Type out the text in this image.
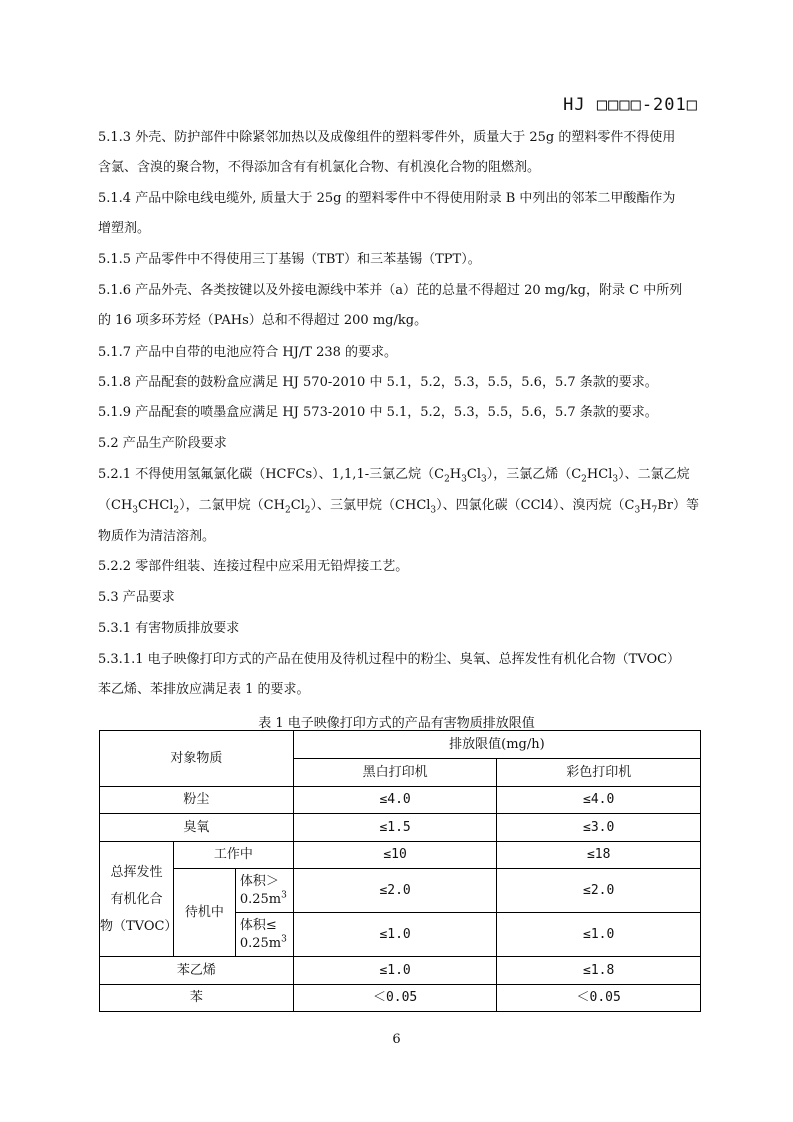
HJ □□□□-201□
5.1.3 外壳、防护部件中除紧邻加热以及成像组件的塑料零件外，质量大于 25g 的塑料零件不得使用
含氯、含溴的聚合物，不得添加含有有机氯化合物、有机溴化合物的阻燃剂。
5.1.4 产品中除电线电缆外, 质量大于 25g 的塑料零件中不得使用附录 B 中列出的邻苯二甲酸酯作为
增塑剂。
5.1.5 产品零件中不得使用三丁基锡（TBT）和三苯基锡（TPT）。
5.1.6 产品外壳、各类按键以及外接电源线中苯并（a）芘的总量不得超过 20 mg/kg，附录 C 中所列
的 16 项多环芳烃（PAHs）总和不得超过 200 mg/kg。
5.1.7 产品中自带的电池应符合 HJ/T 238 的要求。
5.1.8 产品配套的鼓粉盒应满足 HJ 570-2010 中 5.1，5.2，5.3，5.5，5.6，5.7 条款的要求。
5.1.9 产品配套的喷墨盒应满足 HJ 573-2010 中 5.1，5.2，5.3，5.5，5.6，5.7 条款的要求。
5.2 产品生产阶段要求
5.2.1 不得使用氢氟氯化碳（HCFCs）、1,1,1-三氯乙烷$(C_2H_3Cl_3)$，三氯乙烯$(C_2HCl_3)$、二氯乙烷
$(CH_3CHCl_2)$，二氯甲烷$(CH_2Cl_2)$、三氯甲烷（CHCl$_3$）、四氯化碳（CCl4）、溴丙烷$(C_3H_7Br)$等
物质作为清洁溶剂。
5.2.2 零部件组装、连接过程中应采用无铅焊接工艺。
5.3 产品要求
5.3.1 有害物质排放要求
5.3.1.1 电子映像打印方式的产品在使用及待机过程中的粉尘、臭氧、总挥发性有机化合物（TVOC）
苯乙烯、苯排放应满足表 1 的要求。
表 1 电子映像打印方式的产品有害物质排放限值
对象物质			排放限值(mg/h)	
			黑白打印机	彩色打印机
粉尘			≤4.0	≤4.0
臭氧			≤1.5	≤3.0

总挥发性
有机化合
物（TVOC）	工作中		≤10	≤18
	待机中	体积＞
$0.25m^3$	≤2.0	≤2.0

		体积≤
$0.25m^3$	≤1.0	≤1.0
苯乙烯			≤1.0	≤1.8
苯			＜0.05	＜0.05
6
